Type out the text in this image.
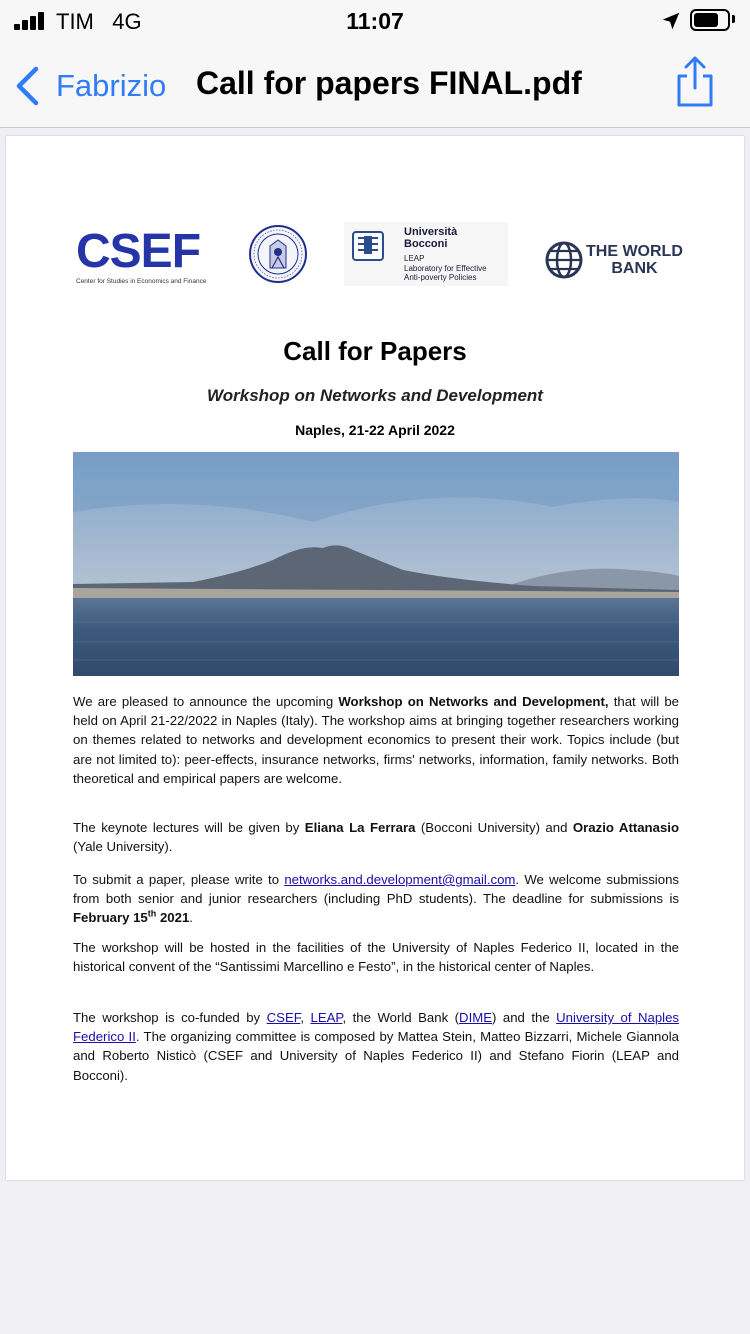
TIM 4G	11:07
Fabrizio Call for papers FINAL.pdf
CSEF
Center for Studies in Economics and Finance
Università
Bocconi
LEAP
Laboratory for Effective
Anti-poverty Policies
THE WORLD
BANK
Call for Papers
Workshop on Networks and Development
Naples, 21-22 April 2022
We are pleased to announce the upcoming Workshop on Networks and Development, that will be held on April 21-22/2022 in Naples (Italy). The workshop aims at bringing together researchers working on themes related to networks and development economics to present their work. Topics include (but are not limited to): peer-effects, insurance networks, firms' networks, information, family networks. Both theoretical and empirical papers are welcome.
The keynote lectures will be given by Eliana La Ferrara (Bocconi University) and Orazio Attanasio (Yale University).
To submit a paper, please write to networks.and.development@gmail.com. We welcome submissions from both senior and junior researchers (including PhD students). The deadline for submissions is February 15th 2021.
The workshop will be hosted in the facilities of the University of Naples Federico II, located in the historical convent of the “Santissimi Marcellino e Festo”, in the historical center of Naples.
The workshop is co-funded by CSEF, LEAP, the World Bank (DIME) and the University of Naples Federico II. The organizing committee is composed by Mattea Stein, Matteo Bizzarri, Michele Giannola and Roberto Nisticò (CSEF and University of Naples Federico II) and Stefano Fiorin (LEAP and Bocconi).
